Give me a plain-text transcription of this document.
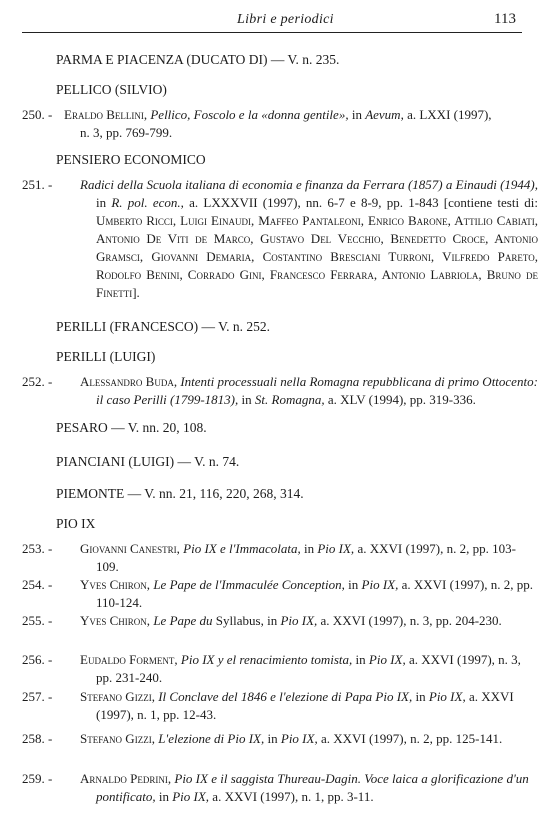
Libri e periodici	113
PARMA E PIACENZA (DUCATO DI) — V. n. 235.
PELLICO (SILVIO)
250. - Eraldo Bellini, Pellico, Foscolo e la «donna gentile», in Aevum, a. LXXI (1997),
n. 3, pp. 769-799.
PENSIERO ECONOMICO
251. - Radici della Scuola italiana di economia e finanza da Ferrara (1857) a Einaudi (1944), in R. pol. econ., a. LXXXVII (1997), nn. 6-7 e 8-9, pp. 1-843 [contiene testi di: Umberto Ricci, Luigi Einaudi, Maffeo Pantaleoni, Enrico Barone, Attilio Cabiati, Antonio De Viti de Marco, Gustavo Del Vecchio, Benedetto Croce, Antonio Gramsci, Giovanni Demaria, Costantino Bresciani Turroni, Vilfredo Pareto, Rodolfo Benini, Corrado Gini, Francesco Ferrara, Antonio Labriola, Bruno de Finetti].
PERILLI (FRANCESCO) — V. n. 252.
PERILLI (LUIGI)
252. - Alessandro Buda, Intenti processuali nella Romagna repubblicana di primo Ottocento: il caso Perilli (1799-1813), in St. Romagna, a. XLV (1994), pp. 319-336.
PESARO — V. nn. 20, 108.
PIANCIANI (LUIGI) — V. n. 74.
PIEMONTE — V. nn. 21, 116, 220, 268, 314.
PIO IX
253. - Giovanni Canestri, Pio IX e l'Immacolata, in Pio IX, a. XXVI (1997), n. 2, pp. 103-109.
254. - Yves Chiron, Le Pape de l'Immaculée Conception, in Pio IX, a. XXVI (1997), n. 2, pp. 110-124.
255. - Yves Chiron, Le Pape du Syllabus, in Pio IX, a. XXVI (1997), n. 3, pp. 204-230.
256. - Eudaldo Forment, Pio IX y el renacimiento tomista, in Pio IX, a. XXVI (1997), n. 3, pp. 231-240.
257. - Stefano Gizzi, Il Conclave del 1846 e l'elezione di Papa Pio IX, in Pio IX, a. XXVI (1997), n. 1, pp. 12-43.
258. - Stefano Gizzi, L'elezione di Pio IX, in Pio IX, a. XXVI (1997), n. 2, pp. 125-141.
259. - Arnaldo Pedrini, Pio IX e il saggista Thureau-Dagin. Voce laica a glorificazione d'un pontificato, in Pio IX, a. XXVI (1997), n. 1, pp. 3-11.
